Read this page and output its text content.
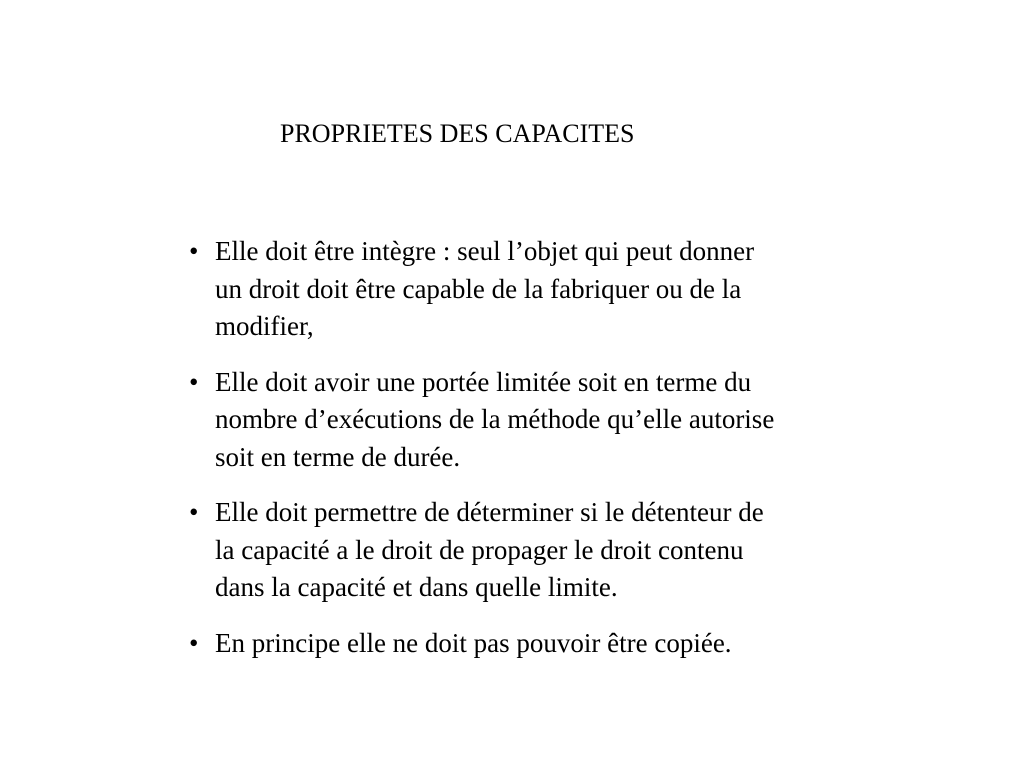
PROPRIETES DES CAPACITES
• Elle doit être intègre : seul l’objet qui peut donner
un droit doit être capable de la fabriquer ou de la
modifier,
• Elle doit avoir une portée limitée soit en terme du
nombre d’exécutions de la méthode qu’elle autorise
soit en terme de durée.
• Elle doit permettre de déterminer si le détenteur de
la capacité a le droit de propager le droit contenu
dans la capacité et dans quelle limite.
• En principe elle ne doit pas pouvoir être copiée.
